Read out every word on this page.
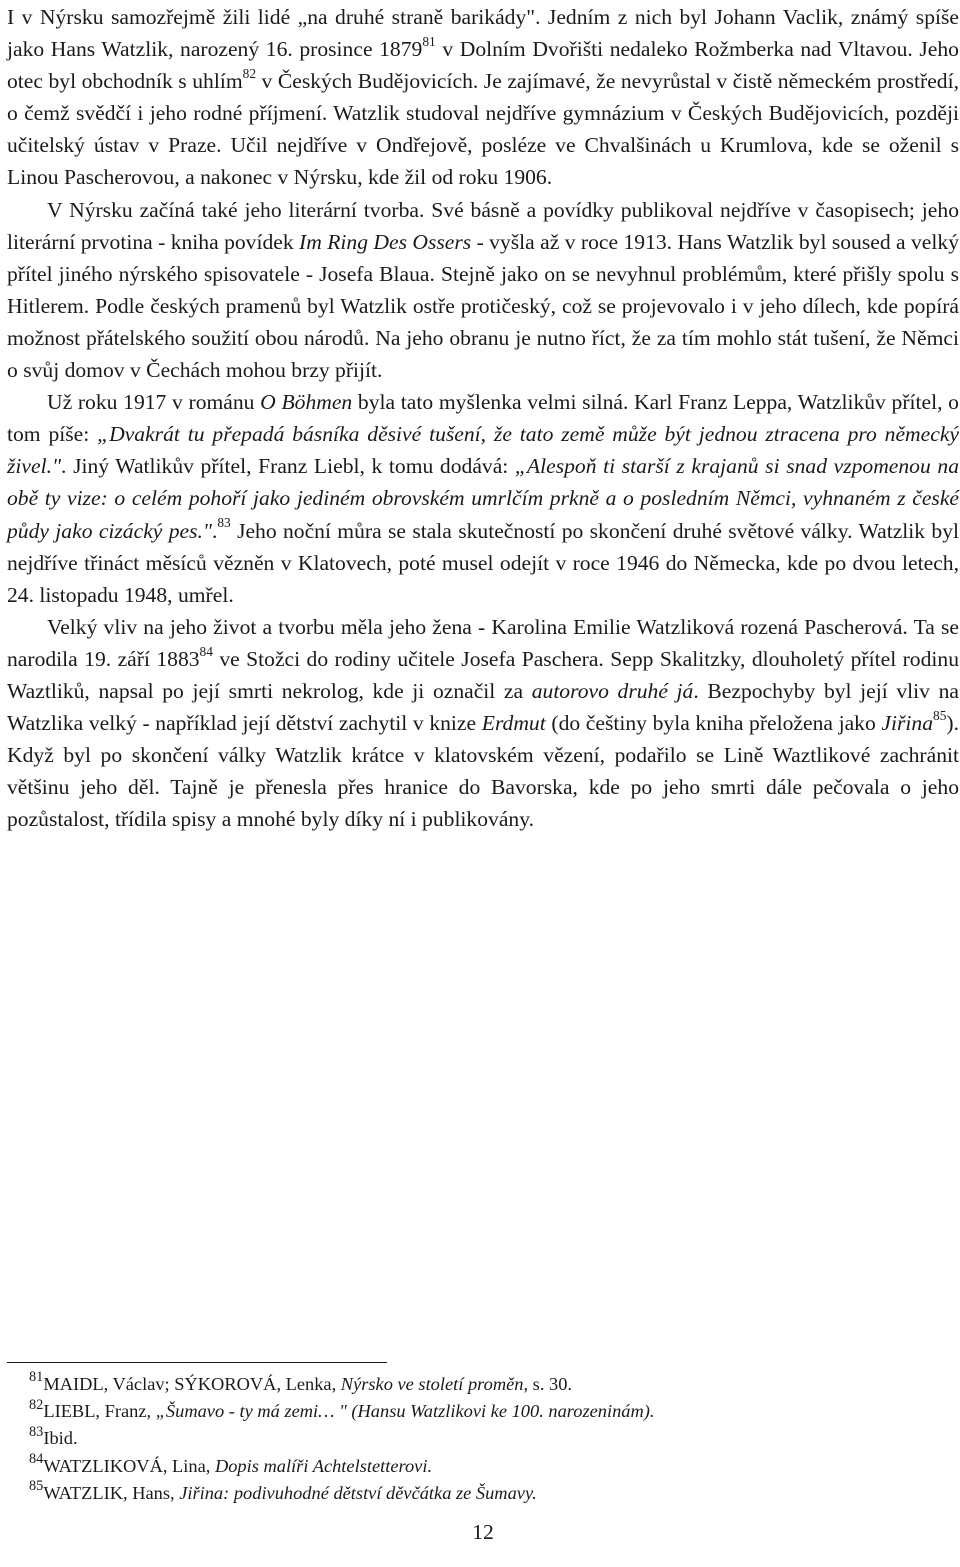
I v Nýrsku samozřejmě žili lidé „na druhé straně barikády". Jedním z nich byl Johann Vaclik, známý spíše jako Hans Watzlik, narozený 16. prosince 1879$^{81}$ v Dolním Dvořišti nedaleko Rožmberka nad Vltavou. Jeho otec byl obchodník s uhlím$^{82}$ v Českých Budějovicích. Je zajímavé, že nevyrůstal v čistě německém prostředí, o čemž svědčí i jeho rodné příjmení. Watzlik studoval nejdříve gymnázium v Českých Budějovicích, později učitelský ústav v Praze. Učil nejdříve v Ondřejově, posléze ve Chvalšinách u Krumlova, kde se oženil s Linou Pascherovou, a nakonec v Nýrsku, kde žil od roku 1906.

V Nýrsku začíná také jeho literární tvorba. Své básně a povídky publikoval nejdříve v časopisech; jeho literární prvotina - kniha povídek Im Ring Des Ossers - vyšla až v roce 1913. Hans Watzlik byl soused a velký přítel jiného nýrského spisovatele - Josefa Blaua. Stejně jako on se nevyhnul problémům, které přišly spolu s Hitlerem. Podle českých pramenů byl Watzlik ostře protičeský, což se projevovalo i v jeho dílech, kde popírá možnost přátelského soužití obou národů. Na jeho obranu je nutno říct, že za tím mohlo stát tušení, že Němci o svůj domov v Čechách mohou brzy přijít.

Už roku 1917 v románu O Böhmen byla tato myšlenka velmi silná. Karl Franz Leppa, Watzlikův přítel, o tom píše: „Dvakrát tu přepadá básníka děsivé tušení, že tato země může být jednou ztracena pro německý živel.". Jiný Watlikův přítel, Franz Liebl, k tomu dodává: „Alespoň ti starší z krajanů si snad vzpomenou na obě ty vize: o celém pohoří jako jediném obrovském umrlčím prkně a o posledním Němci, vyhnaném z české půdy jako cizácký pes.".$^{83}$ Jeho noční můra se stala skutečností po skončení druhé světové války. Watzlik byl nejdříve třináct měsíců vězněn v Klatovech, poté musel odejít v roce 1946 do Německa, kde po dvou letech, 24. listopadu 1948, umřel.

Velký vliv na jeho život a tvorbu měla jeho žena - Karolina Emilie Watzliková rozená Pascherová. Ta se narodila 19. září 1883$^{84}$ ve Stožci do rodiny učitele Josefa Paschera. Sepp Skalitzky, dlouholetý přítel rodinu Waztliků, napsal po její smrti nekrolog, kde ji označil za autorovo druhé já. Bezpochyby byl její vliv na Watzlika velký - například její dětství zachytil v knize Erdmut (do češtiny byla kniha přeložena jako Jiřina$^{85}$). Když byl po skončení války Watzlik krátce v klatovském vězení, podařilo se Lině Waztlikové zachránit většinu jeho děl. Tajně je přenesla přes hranice do Bavorska, kde po jeho smrti dále pečovala o jeho pozůstalost, třídila spisy a mnohé byly díky ní i publikovány.

$^{81}$MAIDL, Václav; SÝKOROVÁ, Lenka, Nýrsko ve století proměn, s. 30.
$^{82}$LIEBL, Franz, „Šumavo - ty má zemi… " (Hansu Watzlikovi ke 100. narozeninám).
$^{83}$Ibid.
$^{84}$WATZLIKOVÁ, Lina, Dopis malíři Achtelstetterovi.
$^{85}$WATZLIK, Hans, Jiřina: podivuhodné dětství děvčátka ze Šumavy.
12
